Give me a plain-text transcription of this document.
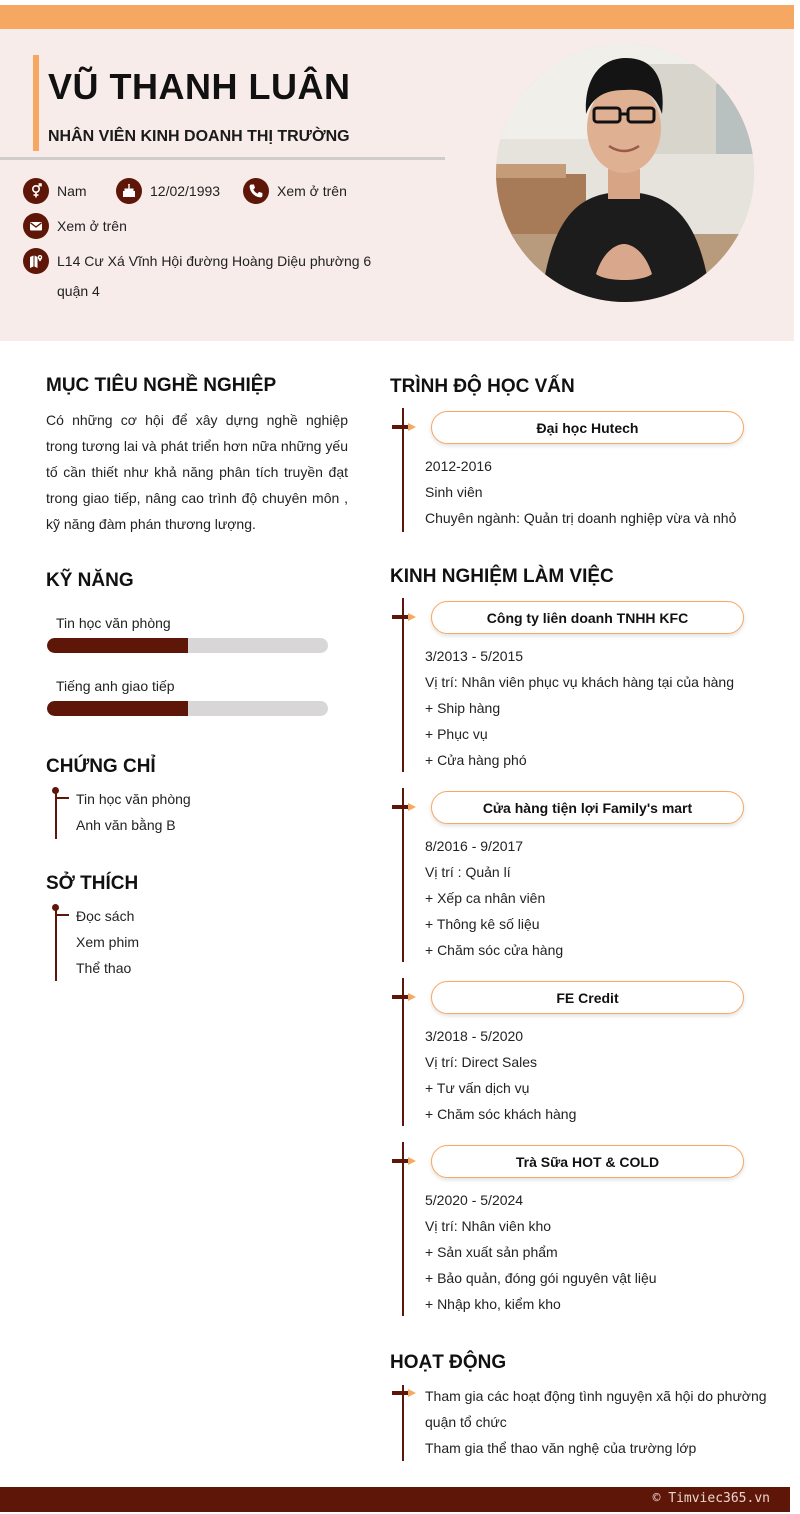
VŨ THANH LUÂN
NHÂN VIÊN KINH DOANH THỊ TRƯỜNG
Nam	12/02/1993	Xem ở trên
Xem ở trên
L14 Cư Xá Vĩnh Hội đường Hoàng Diệu phường 6 quận 4
MỤC TIÊU NGHỀ NGHIỆP
Có những cơ hội để xây dựng nghề nghiệp trong tương lai và phát triển hơn nữa những yếu tố cần thiết như khả năng phân tích truyền đạt trong giao tiếp, nâng cao trình độ chuyên môn , kỹ năng đàm phán thương lượng.
KỸ NĂNG
Tin học văn phòng
Tiếng anh giao tiếp
CHỨNG CHỈ
Tin học văn phòng
Anh văn bằng B
SỞ THÍCH
Đọc sách
Xem phim
Thể thao
TRÌNH ĐỘ HỌC VẤN
Đại học Hutech
2012-2016
Sinh viên
Chuyên ngành: Quản trị doanh nghiệp vừa và nhỏ
KINH NGHIỆM LÀM VIỆC
Công ty liên doanh TNHH KFC
3/2013 - 5/2015
Vị trí: Nhân viên phục vụ khách hàng tại của hàng
+ Ship hàng
+ Phục vụ
+ Cửa hàng phó
Cửa hàng tiện lợi Family's mart
8/2016 - 9/2017
Vị trí : Quản lí
+ Xếp ca nhân viên
+ Thông kê số liệu
+ Chăm sóc cửa hàng
FE Credit
3/2018 - 5/2020
Vị trí: Direct Sales
+ Tư vấn dịch vụ
+ Chăm sóc khách hàng
Trà Sữa HOT & COLD
5/2020 - 5/2024
Vị trí: Nhân viên kho
+ Sản xuất sản phẩm
+ Bảo quản, đóng gói nguyên vật liệu
+ Nhập kho, kiểm kho
HOẠT ĐỘNG
Tham gia các hoạt động tình nguyện xã hội do phường
quận tổ chức
Tham gia thể thao văn nghệ của trường lớp
© Timviec365.vn
